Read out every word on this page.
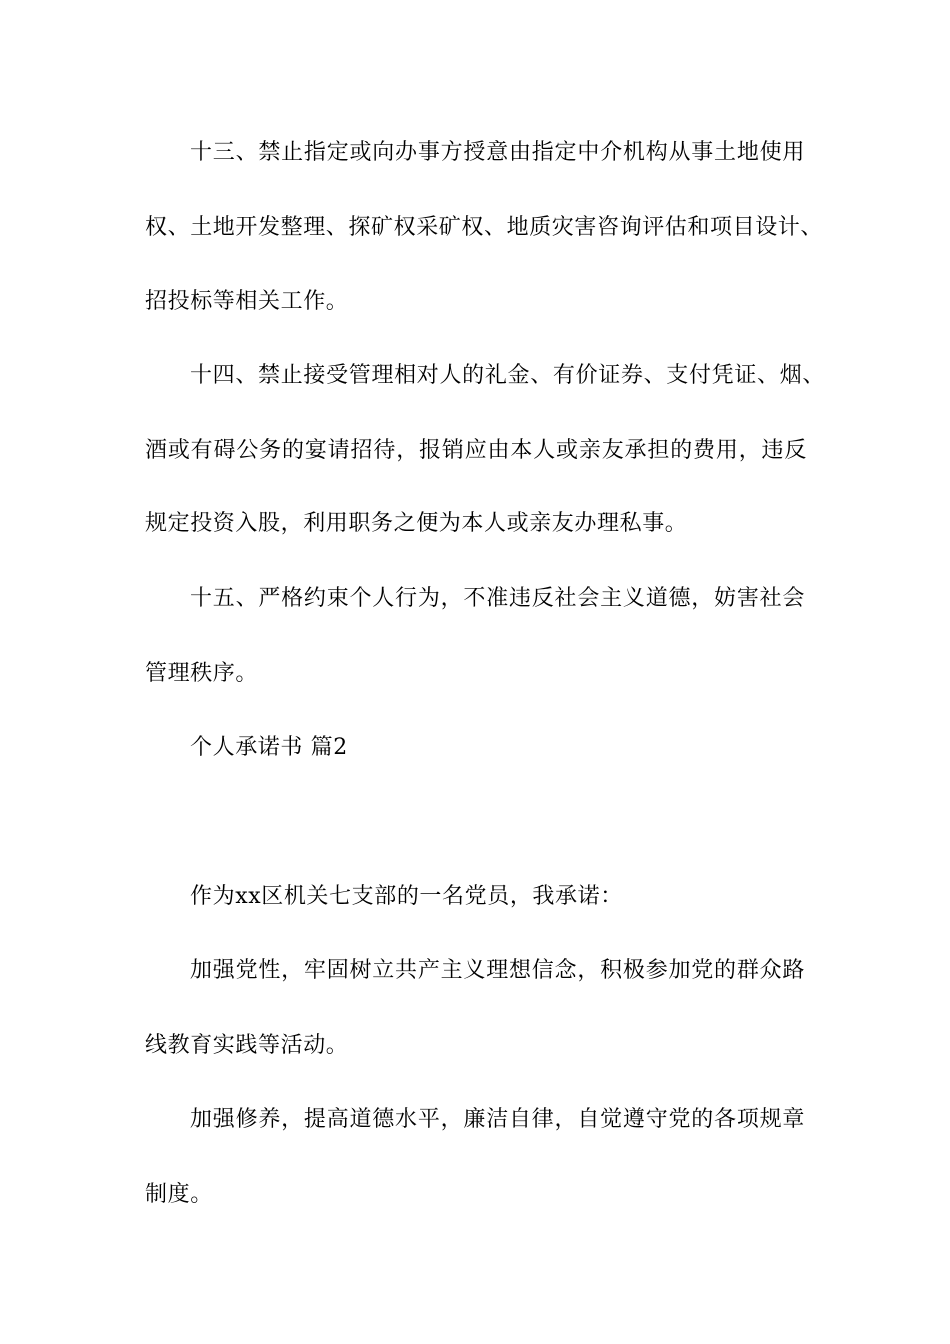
十三、禁止指定或向办事方授意由指定中介机构从事土地使用
权、土地开发整理、探矿权采矿权、地质灾害咨询评估和项目设计、
招投标等相关工作。
十四、禁止接受管理相对人的礼金、有价证券、支付凭证、烟、
酒或有碍公务的宴请招待，报销应由本人或亲友承担的费用，违反
规定投资入股，利用职务之便为本人或亲友办理私事。
十五、严格约束个人行为，不准违反社会主义道德，妨害社会
管理秩序。
个人承诺书 篇2
作为xx区机关七支部的一名党员，我承诺：
加强党性，牢固树立共产主义理想信念，积极参加党的群众路
线教育实践等活动。
加强修养，提高道德水平，廉洁自律，自觉遵守党的各项规章
制度。
